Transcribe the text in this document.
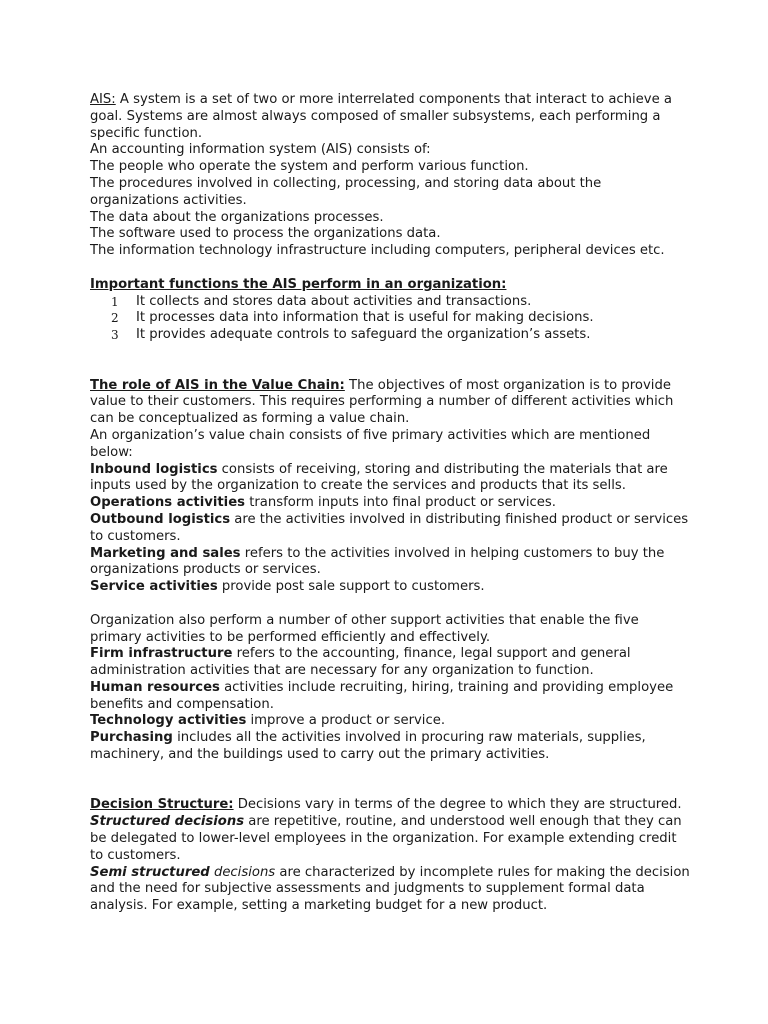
AIS: A system is a set of two or more interrelated components that interact to achieve a goal. Systems are almost always composed of smaller subsystems, each performing a specific function.

An accounting information system (AIS) consists of:

The people who operate the system and perform various function.

The procedures involved in collecting, processing, and storing data about the organizations activities.

The data about the organizations processes.

The software used to process the organizations data.

The information technology infrastructure including computers, peripheral devices etc.

Important functions the AIS perform in an organization:

1	It collects and stores data about activities and transactions.
2	It processes data into information that is useful for making decisions.
3	It provides adequate controls to safeguard the organization’s assets.

The role of AIS in the Value Chain: The objectives of most organization is to provide value to their customers. This requires performing a number of different activities which can be conceptualized as forming a value chain.

An organization’s value chain consists of five primary activities which are mentioned below:

Inbound logistics consists of receiving, storing and distributing the materials that are inputs used by the organization to create the services and products that its sells.

Operations activities transform inputs into final product or services.

Outbound logistics are the activities involved in distributing finished product or services to customers.

Marketing and sales refers to the activities involved in helping customers to buy the organizations products or services.

Service activities provide post sale support to customers.

Organization also perform a number of other support activities that enable the five primary activities to be performed efficiently and effectively.

Firm infrastructure refers to the accounting, finance, legal support and general administration activities that are necessary for any organization to function.

Human resources activities include recruiting, hiring, training and providing employee benefits and compensation.

Technology activities improve a product or service.

Purchasing includes all the activities involved in procuring raw materials, supplies, machinery, and the buildings used to carry out the primary activities.

Decision Structure: Decisions vary in terms of the degree to which they are structured.

Structured decisions are repetitive, routine, and understood well enough that they can be delegated to lower-level employees in the organization. For example extending credit to customers.

Semi structured decisions are characterized by incomplete rules for making the decision and the need for subjective assessments and judgments to supplement formal data analysis. For example, setting a marketing budget for a new product.
